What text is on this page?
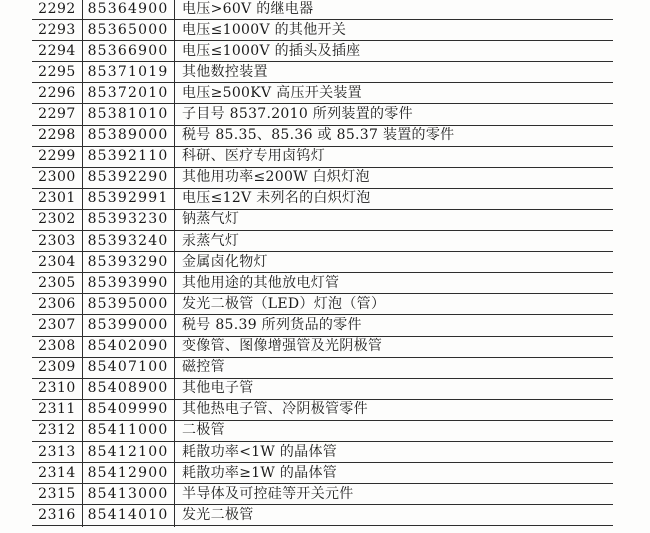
2292 85364900 电压>60V 的继电器
2293 85365000 电压≤1000V 的其他开关
2294 85366900 电压≤1000V 的插头及插座
2295 85371019 其他数控装置
2296 85372010 电压≥500KV 高压开关装置
2297 85381010 子目号 8537.2010 所列装置的零件
2298 85389000 税号 85.35、85.36 或 85.37 装置的零件
2299 85392110 科研、医疗专用卤钨灯
2300 85392290 其他用功率≤200W 白炽灯泡
2301 85392991 电压≤12V 未列名的白炽灯泡
2302 85393230 钠蒸气灯
2303 85393240 汞蒸气灯
2304 85393290 金属卤化物灯
2305 85393990 其他用途的其他放电灯管
2306 85395000 发光二极管（LED）灯泡（管）
2307 85399000 税号 85.39 所列货品的零件
2308 85402090 变像管、图像增强管及光阴极管
2309 85407100 磁控管
2310 85408900 其他电子管
2311 85409990 其他热电子管、冷阴极管零件
2312 85411000 二极管
2313 85412100 耗散功率<1W 的晶体管
2314 85412900 耗散功率≥1W 的晶体管
2315 85413000 半导体及可控硅等开关元件
2316 85414010 发光二极管
